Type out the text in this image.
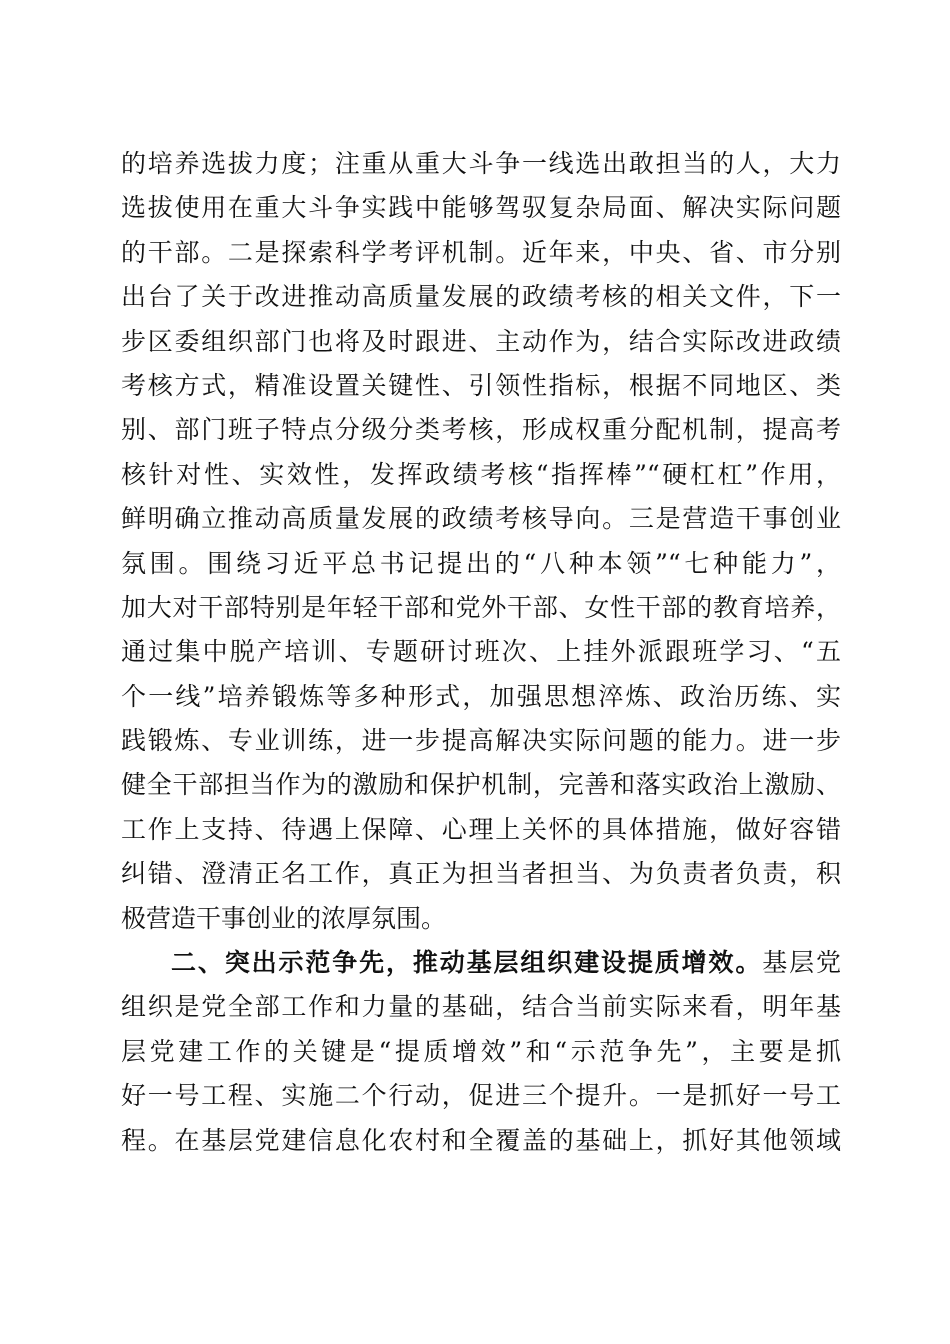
的培养选拔力度；注重从重大斗争一线选出敢担当的人，大力
选拔使用在重大斗争实践中能够驾驭复杂局面、解决实际问题
的干部。二是探索科学考评机制。近年来，中央、省、市分别
出台了关于改进推动高质量发展的政绩考核的相关文件，下一
步区委组织部门也将及时跟进、主动作为，结合实际改进政绩
考核方式，精准设置关键性、引领性指标，根据不同地区、类
别、部门班子特点分级分类考核，形成权重分配机制，提高考
核针对性、实效性，发挥政绩考核“指挥棒”“硬杠杠”作用，
鲜明确立推动高质量发展的政绩考核导向。三是营造干事创业
氛围。围绕习近平总书记提出的“八种本领”“七种能力”，
加大对干部特别是年轻干部和党外干部、女性干部的教育培养，
通过集中脱产培训、专题研讨班次、上挂外派跟班学习、“五
个一线”培养锻炼等多种形式，加强思想淬炼、政治历练、实
践锻炼、专业训练，进一步提高解决实际问题的能力。进一步
健全干部担当作为的激励和保护机制，完善和落实政治上激励、
工作上支持、待遇上保障、心理上关怀的具体措施，做好容错
纠错、澄清正名工作，真正为担当者担当、为负责者负责，积
极营造干事创业的浓厚氛围。
二、突出示范争先，推动基层组织建设提质增效。基层党
组织是党全部工作和力量的基础，结合当前实际来看，明年基
层党建工作的关键是“提质增效”和“示范争先”，主要是抓
好一号工程、实施二个行动，促进三个提升。一是抓好一号工
程。在基层党建信息化农村和全覆盖的基础上，抓好其他领域
